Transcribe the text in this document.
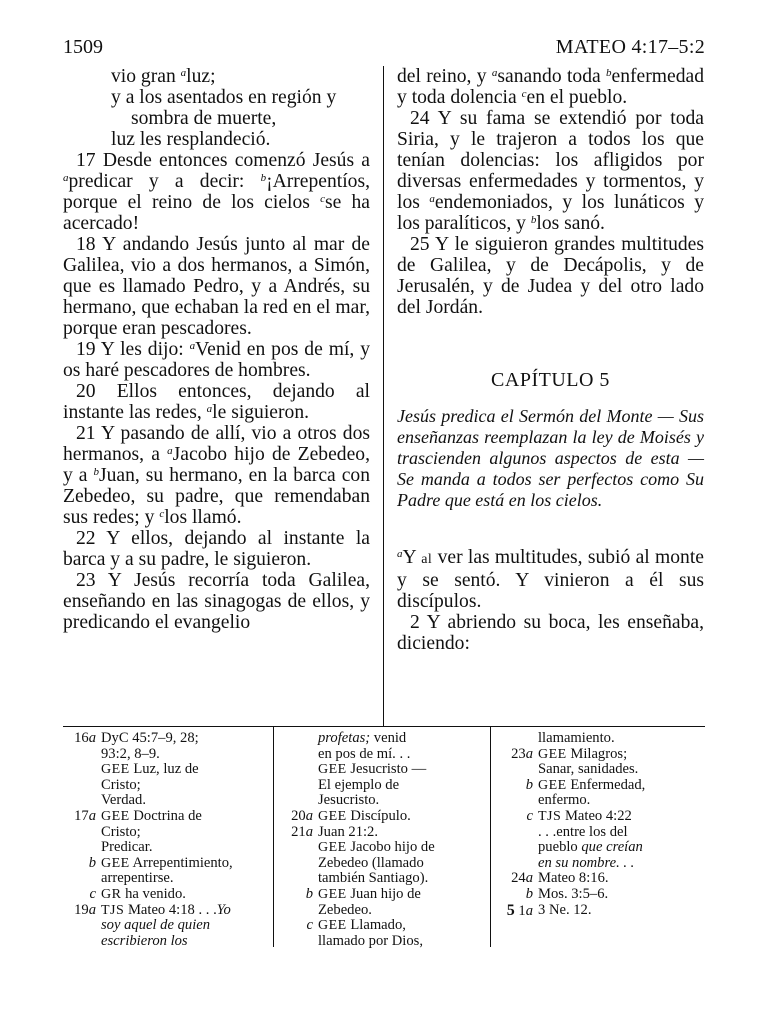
1509	MATEO 4:17–5:2
vio gran $^a$luz;
y a los asentados en región y
sombra de muerte,
luz les resplandeció.

17 Desde entonces comenzó Jesús a $^a$predicar y a decir: $^b$¡Arrepentíos, porque el reino de los cielos $^c$se ha acercado!

18 Y andando Jesús junto al mar de Galilea, vio a dos hermanos, a Simón, que es llamado Pedro, y a Andrés, su hermano, que echaban la red en el mar, porque eran pescadores.

19 Y les dijo: $^a$Venid en pos de mí, y os haré pescadores de hombres.

20 Ellos entonces, dejando al instante las redes, $^a$le siguieron.

21 Y pasando de allí, vio a otros dos hermanos, a $^a$Jacobo hijo de Zebedeo, y a $^b$Juan, su hermano, en la barca con Zebedeo, su padre, que remendaban sus redes; y $^c$los llamó.

22 Y ellos, dejando al instante la barca y a su padre, le siguieron.

23 Y Jesús recorría toda Galilea, enseñando en las sinagogas de ellos, y predicando el evangelio

del reino, y $^a$sanando toda $^b$enfermedad y toda dolencia $^c$en el pueblo.

24 Y su fama se extendió por toda Siria, y le trajeron a todos los que tenían dolencias: los afligidos por diversas enfermedades y tormentos, y los $^a$endemoniados, y los lunáticos y los paralíticos, y $^b$los sanó.

25 Y le siguieron grandes multitudes de Galilea, y de Decápolis, y de Jerusalén, y de Judea y del otro lado del Jordán.

CAPÍTULO 5

Jesús predica el Sermón del Monte — Sus enseñanzas reemplazan la ley de Moisés y trascienden algunos aspectos de esta — Se manda a todos ser perfectos como Su Padre que está en los cielos.

$^a$Y al ver las multitudes, subió al monte y se sentó. Y vinieron a él sus discípulos.

2 Y abriendo su boca, les enseñaba, diciendo:

16a DyC 45:7–9, 28;
93:2, 8–9.
GEE Luz, luz de
Cristo;
Verdad.
17a GEE Doctrina de
Cristo;
Predicar.
b GEE Arrepentimiento,
arrepentirse.
c GR ha venido.
19a TJS Mateo 4:18 . . .Yo
soy aquel de quien
escribieron los
profetas; venid
en pos de mí. . .
GEE Jesucristo —
El ejemplo de
Jesucristo.
20a GEE Discípulo.
21a Juan 21:2.
GEE Jacobo hijo de
Zebedeo (llamado
también Santiago).
b GEE Juan hijo de
Zebedeo.
c GEE Llamado,
llamado por Dios,
llamamiento.
23a GEE Milagros;
Sanar, sanidades.
b GEE Enfermedad,
enfermo.
c TJS Mateo 4:22
. . .entre los del
pueblo que creían
en su nombre. . .
24a Mateo 8:16.
b Mos. 3:5–6.
5 1a 3 Ne. 12.
